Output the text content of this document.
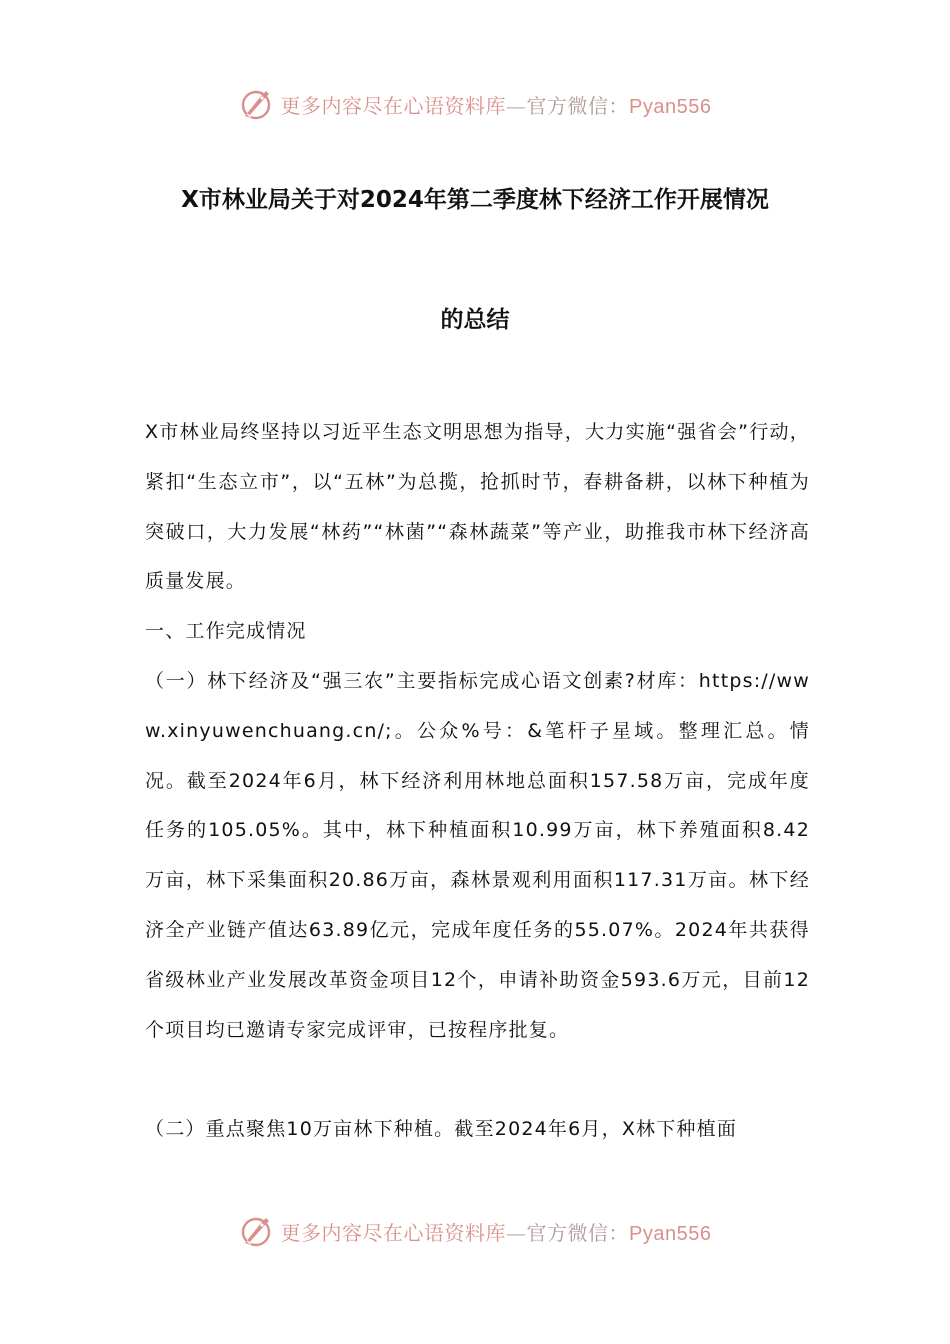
更多内容尽在心语资料库—官方微信：Pyan556
X市林业局关于对2024年第二季度林下经济工作开展情况
的总结

X市林业局终坚持以习近平生态文明思想为指导，大力实施“强省会”行动，紧扣“生态立市”，以“五林”为总揽，抢抓时节，春耕备耕，以林下种植为突破口，大力发展“林药”“林菌”“森林蔬菜”等产业，助推我市林下经济高质量发展。

一、工作完成情况

（一）林下经济及“强三农”主要指标完成心语文创素?材库：https://www.xinyuwenchuang.cn/;。公众%号：&笔杆子星域。整理汇总。情况。截至2024年6月，林下经济利用林地总面积157.58万亩，完成年度任务的105.05%。其中，林下种植面积10.99万亩，林下养殖面积8.42万亩，林下采集面积20.86万亩，森林景观利用面积117.31万亩。林下经济全产业链产值达63.89亿元，完成年度任务的55.07%。2024年共获得省级林业产业发展改革资金项目12个，申请补助资金593.6万元，目前12个项目均已邀请专家完成评审，已按程序批复。

（二）重点聚焦10万亩林下种植。截至2024年6月，X林下种植面

更多内容尽在心语资料库—官方微信：Pyan556
